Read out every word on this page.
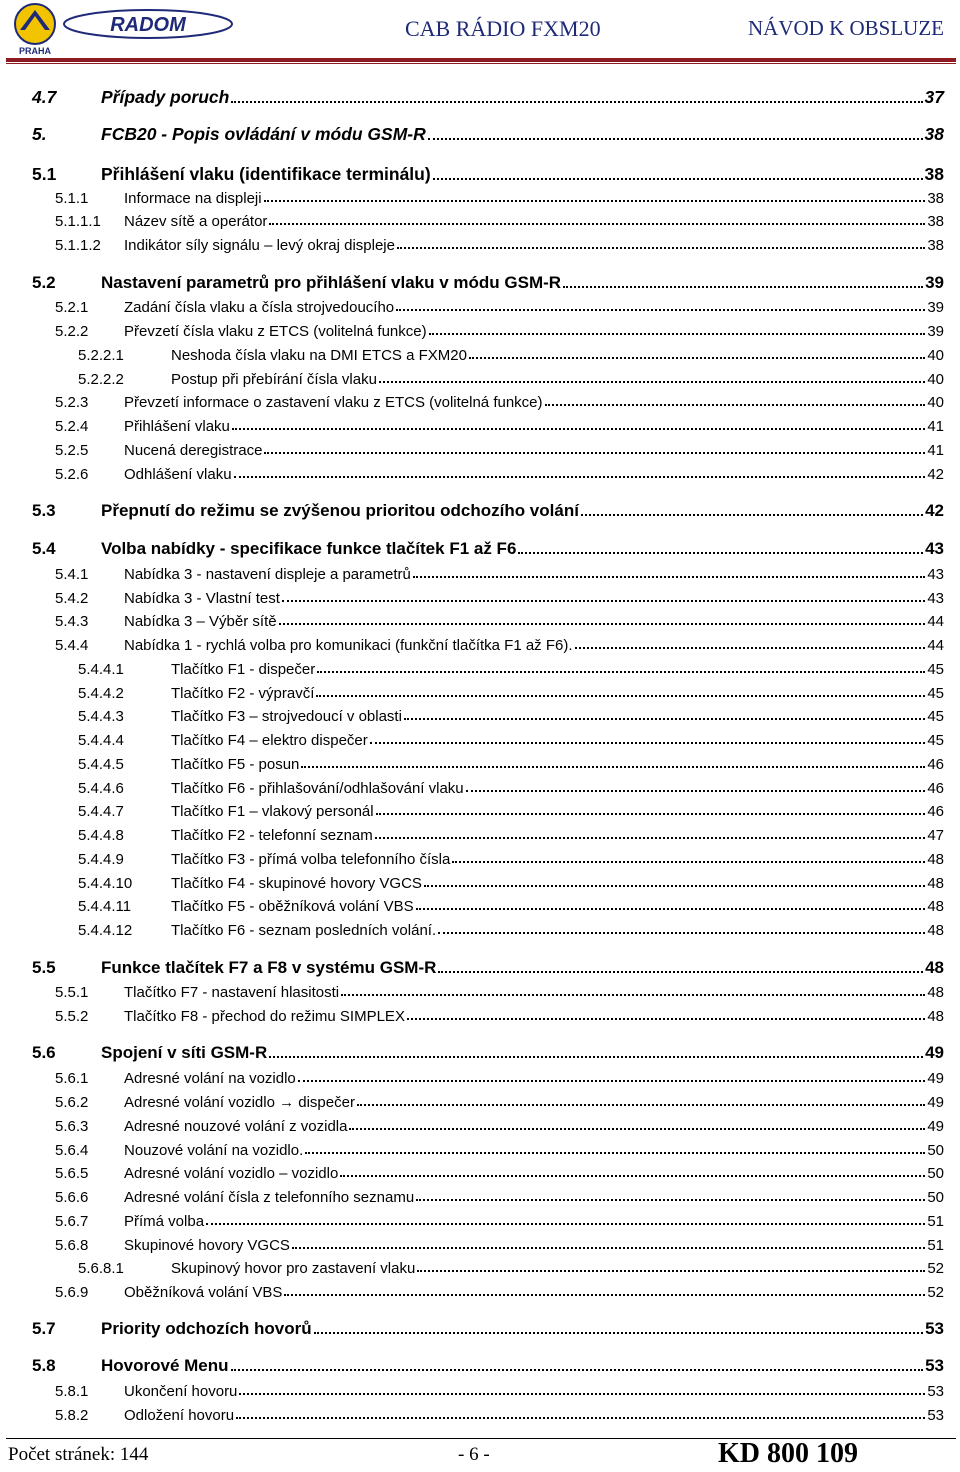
RADOM
PRAHA
CAB RÁDIO FXM20	NÁVOD K OBSLUZE
4.7	Případy poruch	37
5.	FCB20 - Popis ovládání v módu GSM-R	38
5.1	Přihlášení vlaku (identifikace terminálu)	38
5.1.1 Informace na displeji	38
5.1.1.1 Název sítě a operátor	38
5.1.1.2 Indikátor síly signálu – levý okraj displeje	38
5.2	Nastavení parametrů pro přihlášení vlaku v módu GSM-R	39
5.2.1 Zadání čísla vlaku a čísla strojvedoucího	39
5.2.2 Převzetí čísla vlaku z ETCS (volitelná funkce)	39
5.2.2.1	Neshoda čísla vlaku na DMI ETCS a FXM20	40
5.2.2.2	Postup při přebírání čísla vlaku	40
5.2.3 Převzetí informace o zastavení vlaku z ETCS (volitelná funkce)	40
5.2.4 Přihlášení vlaku	41
5.2.5 Nucená deregistrace	41
5.2.6 Odhlášení vlaku	42
5.3	Přepnutí do režimu se zvýšenou prioritou odchozího volání	42
5.4	Volba nabídky - specifikace funkce tlačítek F1 až F6	43
5.4.1 Nabídka 3 - nastavení displeje a parametrů	43
5.4.2 Nabídka 3 - Vlastní test	43
5.4.3 Nabídka 3 – Výběr sítě	44
5.4.4 Nabídka 1 - rychlá volba pro komunikaci (funkční tlačítka F1 až F6).	44
5.4.4.1	Tlačítko F1 - dispečer	45
5.4.4.2	Tlačítko F2 - výpravčí	45
5.4.4.3	Tlačítko F3 – strojvedoucí v oblasti	45
5.4.4.4	Tlačítko F4 – elektro dispečer	45
5.4.4.5	Tlačítko F5 - posun	46
5.4.4.6	Tlačítko F6 - přihlašování/odhlašování vlaku	46
5.4.4.7	Tlačítko F1 – vlakový personál	46
5.4.4.8	Tlačítko F2 - telefonní seznam	47
5.4.4.9	Tlačítko F3 - přímá volba telefonního čísla	48
5.4.4.10	Tlačítko F4 - skupinové hovory VGCS	48
5.4.4.11	Tlačítko F5 - oběžníková volání VBS	48
5.4.4.12	Tlačítko F6 - seznam posledních volání.	48
5.5	Funkce tlačítek F7 a F8 v systému GSM-R	48
5.5.1 Tlačítko F7 - nastavení hlasitosti	48
5.5.2 Tlačítko F8 - přechod do režimu SIMPLEX	48
5.6	Spojení v síti GSM-R	49
5.6.1 Adresné volání na vozidlo	49
5.6.2 Adresné volání vozidlo → dispečer	49
5.6.3 Adresné nouzové volání z vozidla	49
5.6.4 Nouzové volání na vozidlo.	50
5.6.5 Adresné volání vozidlo – vozidlo	50
5.6.6 Adresné volání čísla z telefonního seznamu	50
5.6.7 Přímá volba	51
5.6.8 Skupinové hovory VGCS	51
5.6.8.1	Skupinový hovor pro zastavení vlaku	52
5.6.9 Oběžníková volání VBS	52
5.7	Priority odchozích hovorů	53
5.8	Hovorové Menu	53
5.8.1 Ukončení hovoru	53
5.8.2 Odložení hovoru	53
Počet stránek: 144	- 6 -	KD 800 109
